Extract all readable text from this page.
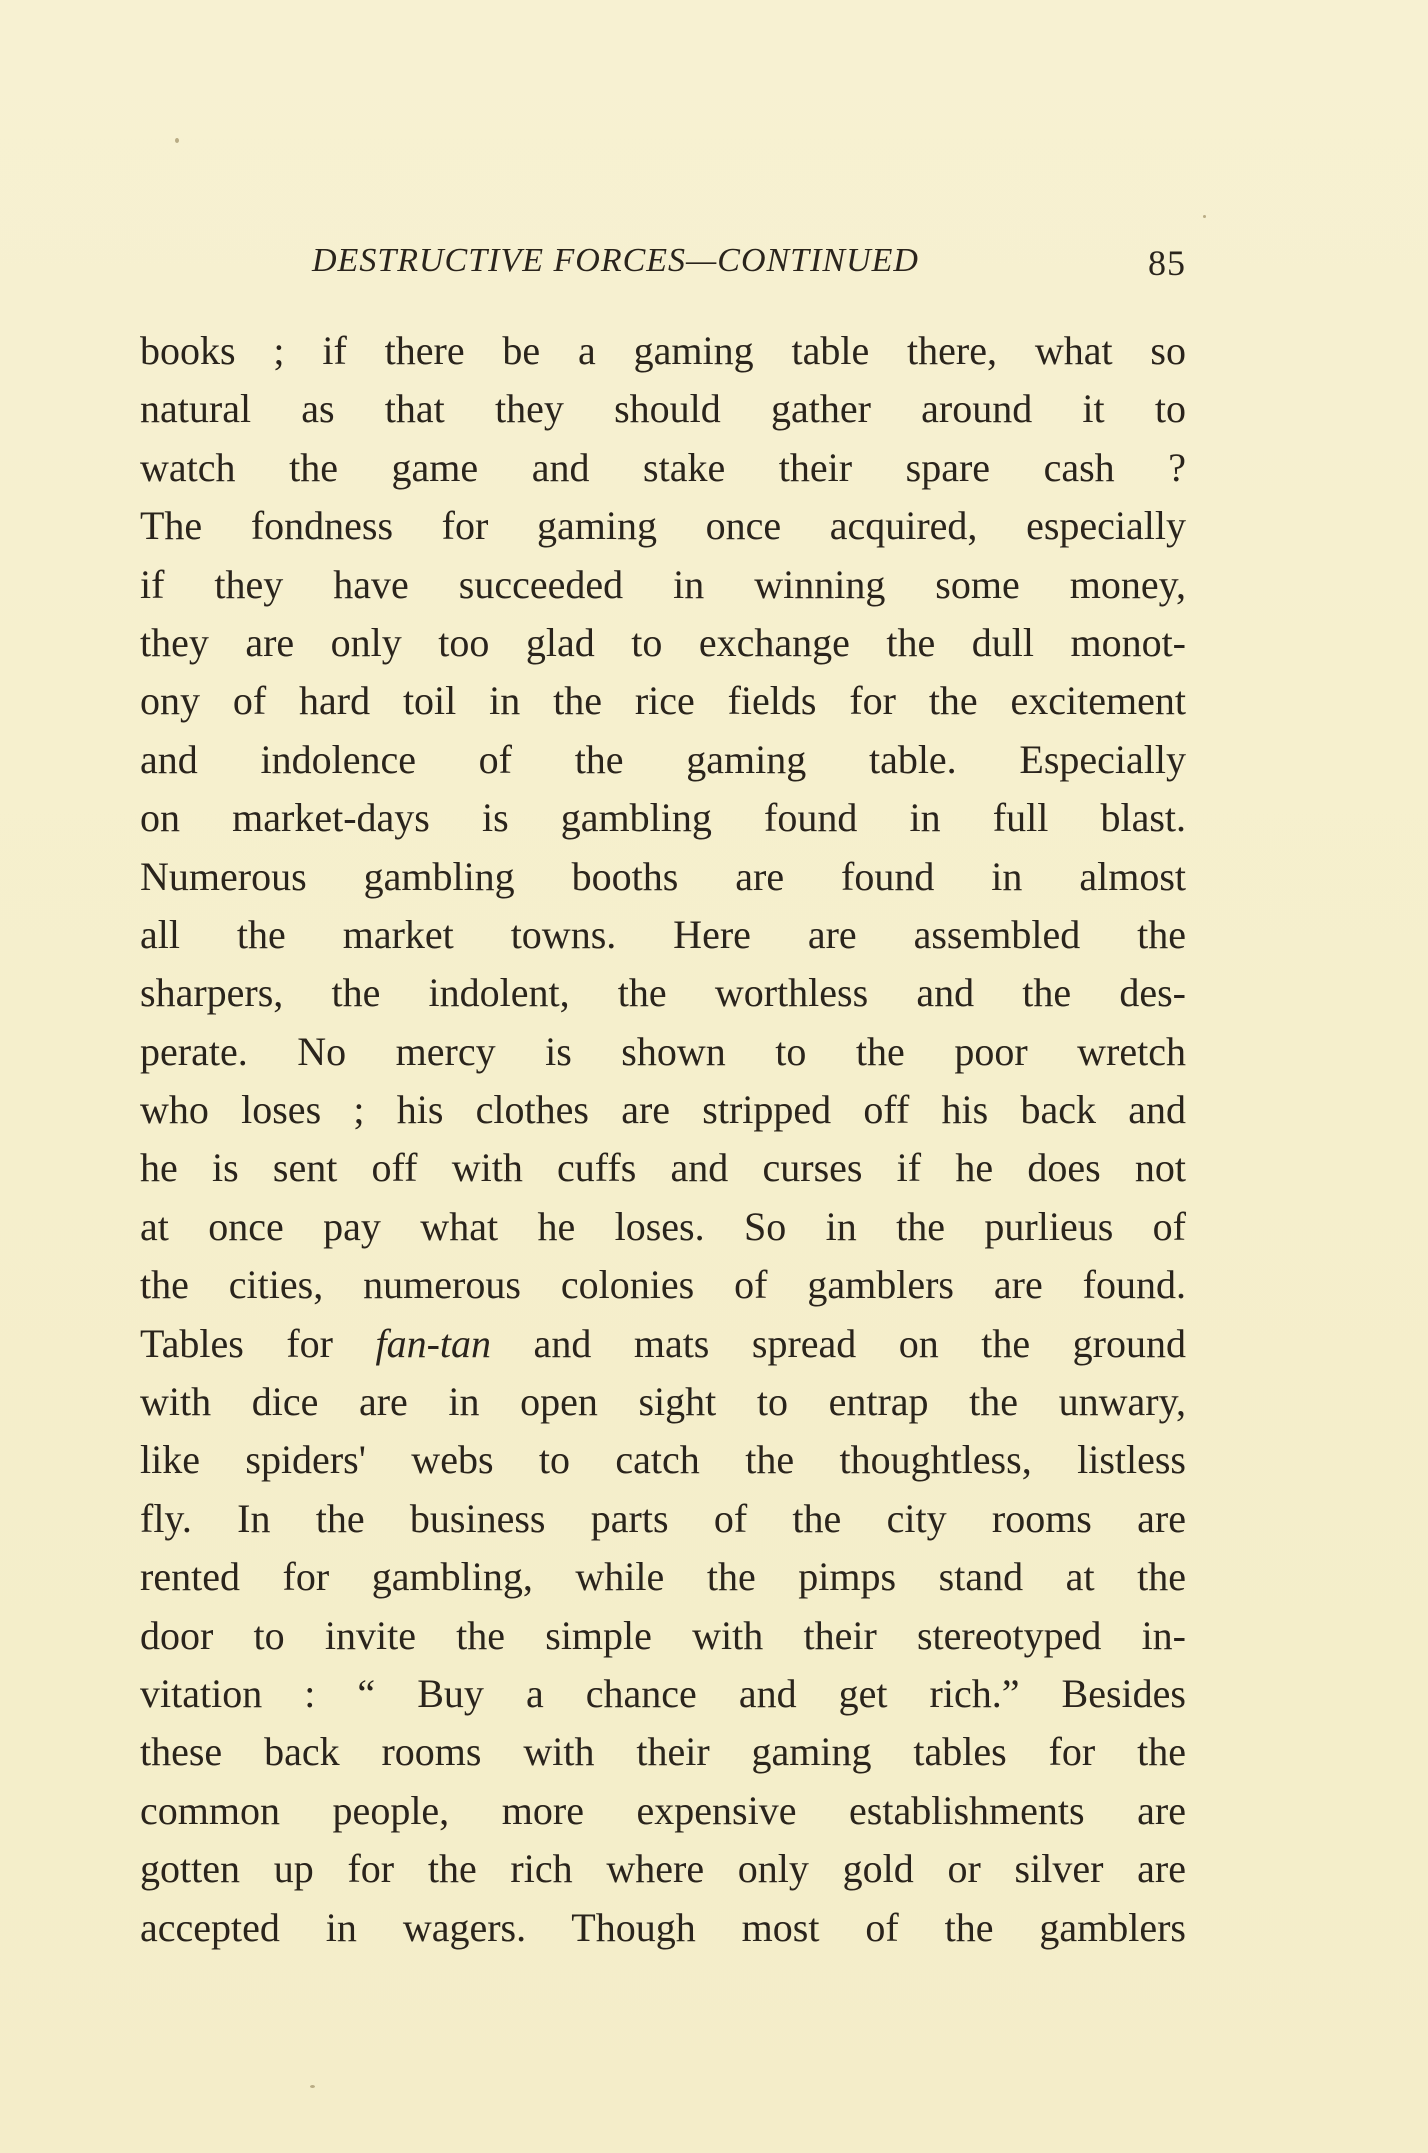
DESTRUCTIVE FORCES—CONTINUED	85
books ; if there be a gaming table there, what so
natural as that they should gather around it to
watch the game and stake their spare cash ?
The fondness for gaming once acquired, especially
if they have succeeded in winning some money,
they are only too glad to exchange the dull monot-
ony of hard toil in the rice fields for the excitement
and indolence of the gaming table. Especially
on market-days is gambling found in full blast.
Numerous gambling booths are found in almost
all the market towns. Here are assembled the
sharpers, the indolent, the worthless and the des-
perate. No mercy is shown to the poor wretch
who loses ; his clothes are stripped off his back and
he is sent off with cuffs and curses if he does not
at once pay what he loses. So in the purlieus of
the cities, numerous colonies of gamblers are found.
Tables for fan-tan and mats spread on the ground
with dice are in open sight to entrap the unwary,
like spiders' webs to catch the thoughtless, listless
fly. In the business parts of the city rooms are
rented for gambling, while the pimps stand at the
door to invite the simple with their stereotyped in-
vitation : “ Buy a chance and get rich.” Besides
these back rooms with their gaming tables for the
common people, more expensive establishments are
gotten up for the rich where only gold or silver are
accepted in wagers. Though most of the gamblers
